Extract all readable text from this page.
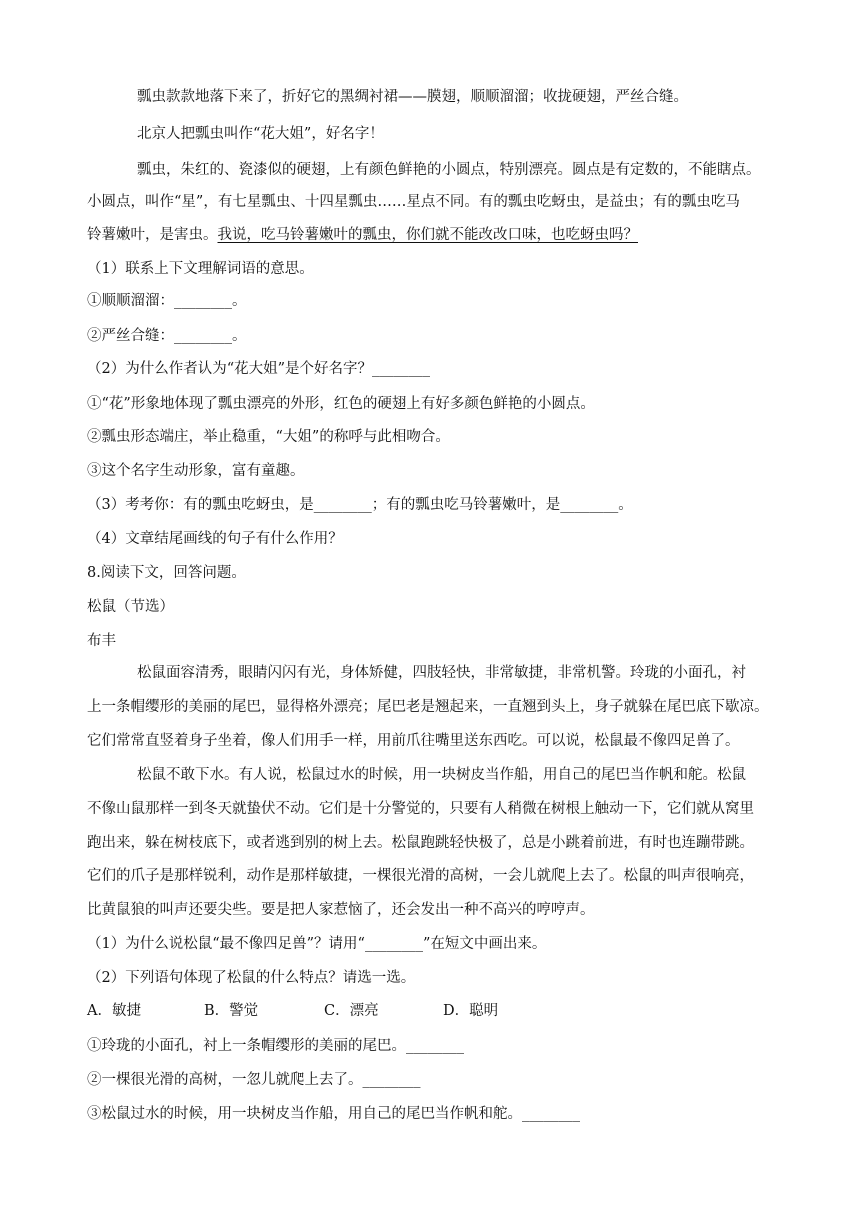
瓢虫款款地落下来了，折好它的黑绸衬裙——膜翅，顺顺溜溜；收拢硬翅，严丝合缝。
北京人把瓢虫叫作“花大姐”，好名字！
瓢虫，朱红的、瓷漆似的硬翅，上有颜色鲜艳的小圆点，特别漂亮。圆点是有定数的，不能瞎点。
小圆点，叫作“星”，有七星瓢虫、十四星瓢虫……星点不同。有的瓢虫吃蚜虫，是益虫；有的瓢虫吃马
铃薯嫩叶，是害虫。我说，吃马铃薯嫩叶的瓢虫，你们就不能改改口味，也吃蚜虫吗？
（1）联系上下文理解词语的意思。
①顺顺溜溜：________。
②严丝合缝：________。
（2）为什么作者认为“花大姐”是个好名字？________
①“花”形象地体现了瓢虫漂亮的外形，红色的硬翅上有好多颜色鲜艳的小圆点。
②瓢虫形态端庄，举止稳重，“大姐”的称呼与此相吻合。
③这个名字生动形象，富有童趣。
（3）考考你：有的瓢虫吃蚜虫，是________；有的瓢虫吃马铃薯嫩叶，是________。
（4）文章结尾画线的句子有什么作用？
8.阅读下文，回答问题。
松鼠（节选）
布丰
松鼠面容清秀，眼睛闪闪有光，身体矫健，四肢轻快，非常敏捷，非常机警。玲珑的小面孔，衬
上一条帽缨形的美丽的尾巴，显得格外漂亮；尾巴老是翘起来，一直翘到头上，身子就躲在尾巴底下歇凉。
它们常常直竖着身子坐着，像人们用手一样，用前爪往嘴里送东西吃。可以说，松鼠最不像四足兽了。
松鼠不敢下水。有人说，松鼠过水的时候，用一块树皮当作船，用自己的尾巴当作帆和舵。松鼠
不像山鼠那样一到冬天就蛰伏不动。它们是十分警觉的，只要有人稍微在树根上触动一下，它们就从窝里
跑出来，躲在树枝底下，或者逃到别的树上去。松鼠跑跳轻快极了，总是小跳着前进，有时也连蹦带跳。
它们的爪子是那样锐利，动作是那样敏捷，一棵很光滑的高树，一会儿就爬上去了。松鼠的叫声很响亮，
比黄鼠狼的叫声还要尖些。要是把人家惹恼了，还会发出一种不高兴的哼哼声。
（1）为什么说松鼠“最不像四足兽”？请用“________”在短文中画出来。
（2）下列语句体现了松鼠的什么特点？请选一选。
A．敏捷	B．警觉	C．漂亮	D．聪明
①玲珑的小面孔，衬上一条帽缨形的美丽的尾巴。________
②一棵很光滑的高树，一忽儿就爬上去了。________
③松鼠过水的时候，用一块树皮当作船，用自己的尾巴当作帆和舵。________
